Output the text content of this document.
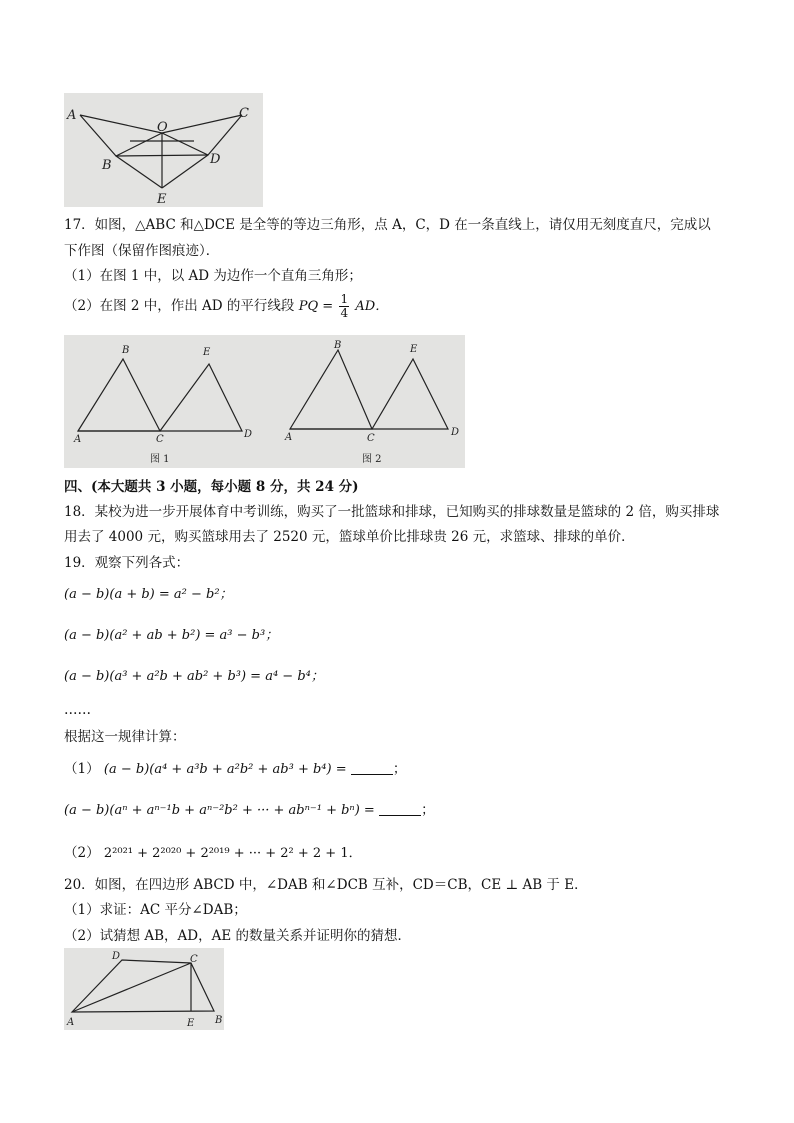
A
O
C
B	D
E
17．如图，△ABC 和△DCE 是全等的等边三角形，点 A，C，D 在一条直线上，请仅用无刻度直尺，完成以
下作图（保留作图痕迹）．
（1）在图 1 中，以 AD 为边作一个直角三角形；
（2）在图 2 中，作出 AD 的平行线段 PQ = $\frac{1}{4}$ AD．
A
B
C	D
E
A
B
C
D
E
图 1	图 2
四、(本大题共 3 小题，每小题 8 分，共 24 分)
18．某校为进一步开展体育中考训练，购买了一批篮球和排球，已知购买的排球数量是篮球的 2 倍，购买排球
用去了 4000 元，购买篮球用去了 2520 元，篮球单价比排球贵 26 元，求篮球、排球的单价．
19．观察下列各式：
(a − b)(a + b) = a² − b²；
(a − b)(a² + ab + b²) = a³ − b³；
(a − b)(a³ + a²b + ab² + b³) = a⁴ − b⁴；
……
根据这一规律计算：
（1） (a − b)(a⁴ + a³b + a²b² + ab³ + b⁴) =	；
(a − b)(aⁿ + aⁿ⁻¹b + aⁿ⁻²b² + ··· + abⁿ⁻¹ + bⁿ) =	；
（2） 2²⁰²¹ + 2²⁰²⁰ + 2²⁰¹⁹ + ··· + 2² + 2 + 1．
20．如图，在四边形 ABCD 中，∠DAB 和∠DCB 互补，CD＝CB，CE ⊥ AB 于 E．
（1）求证：AC 平分∠DAB；
（2）试猜想 AB，AD，AE 的数量关系并证明你的猜想．
D	C
A	E B
